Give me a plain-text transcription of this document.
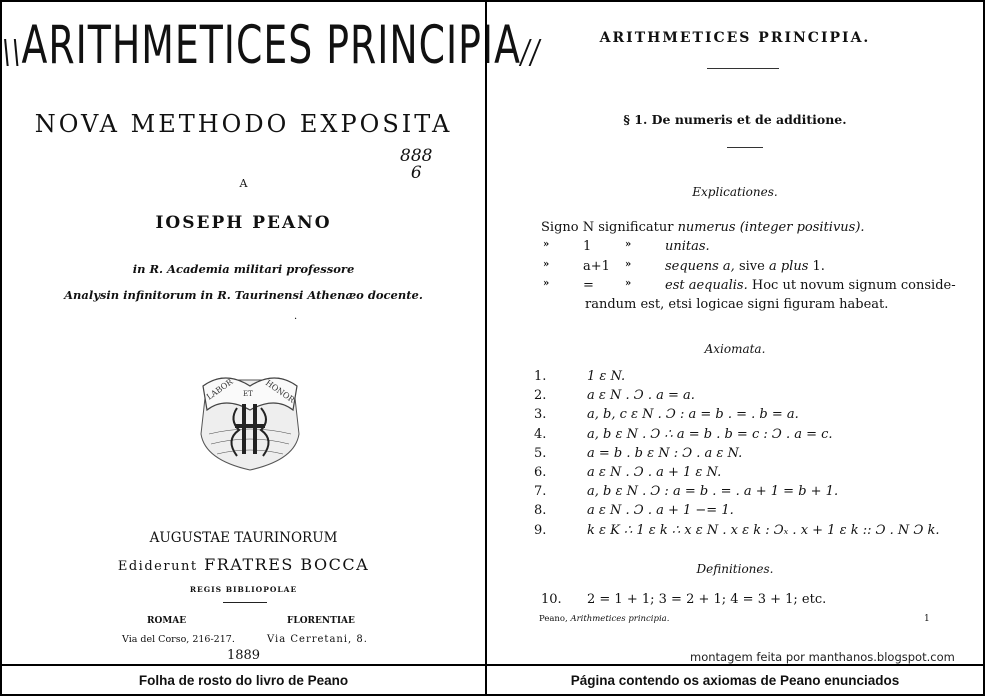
\\ARITHMETICES PRINCIPIA//
NOVA METHODO EXPOSITA
888
6
A
IOSEPH PEANO
in R. Academia militari professore
Analysin infinitorum in R. Taurinensi Athenæo docente.
·
LABOR ET HONOR
AUGUSTAE TAURINORUM
Ediderunt FRATRES BOCCA
REGIS BIBLIOPOLAE
ROMAE	FLORENTIAE
Via del Corso, 216-217.	Via Cerretani, 8.
1889
ARITHMETICES PRINCIPIA.
§ 1. De numeris et de additione.
Explicationes.
Signo N significatur numerus (integer positivus).
»	1	»	unitas.
»	a+1 »	sequens a, sive a plus 1.
»	=	»	est aequalis. Hoc ut novum signum conside-
randum est, etsi logicae signi figuram habeat.
Axiomata.
1.	1 ε N.
2.	a ε N . Ɔ . a = a.
3.	a, b, c ε N . Ɔ : a = b . = . b = a.
4.	a, b ε N . Ɔ ∴ a = b . b = c : Ɔ . a = c.
5.	a = b . b ε N : Ɔ . a ε N.
6.	a ε N . Ɔ . a + 1 ε N.
7.	a, b ε N . Ɔ : a = b . = . a + 1 = b + 1.
8.	a ε N . Ɔ . a + 1 −= 1.
9.	k ε K ∴ 1 ε k ∴ x ε N . x ε k : Ɔₓ . x + 1 ε k :: Ɔ . N Ɔ k.
Definitiones.
10. 2 = 1 + 1; 3 = 2 + 1; 4 = 3 + 1; etc.
Peano, Arithmetices principia.	1
montagem feita por manthanos.blogspot.com
Folha de rosto do livro de Peano	Página contendo os axiomas de Peano enunciados
